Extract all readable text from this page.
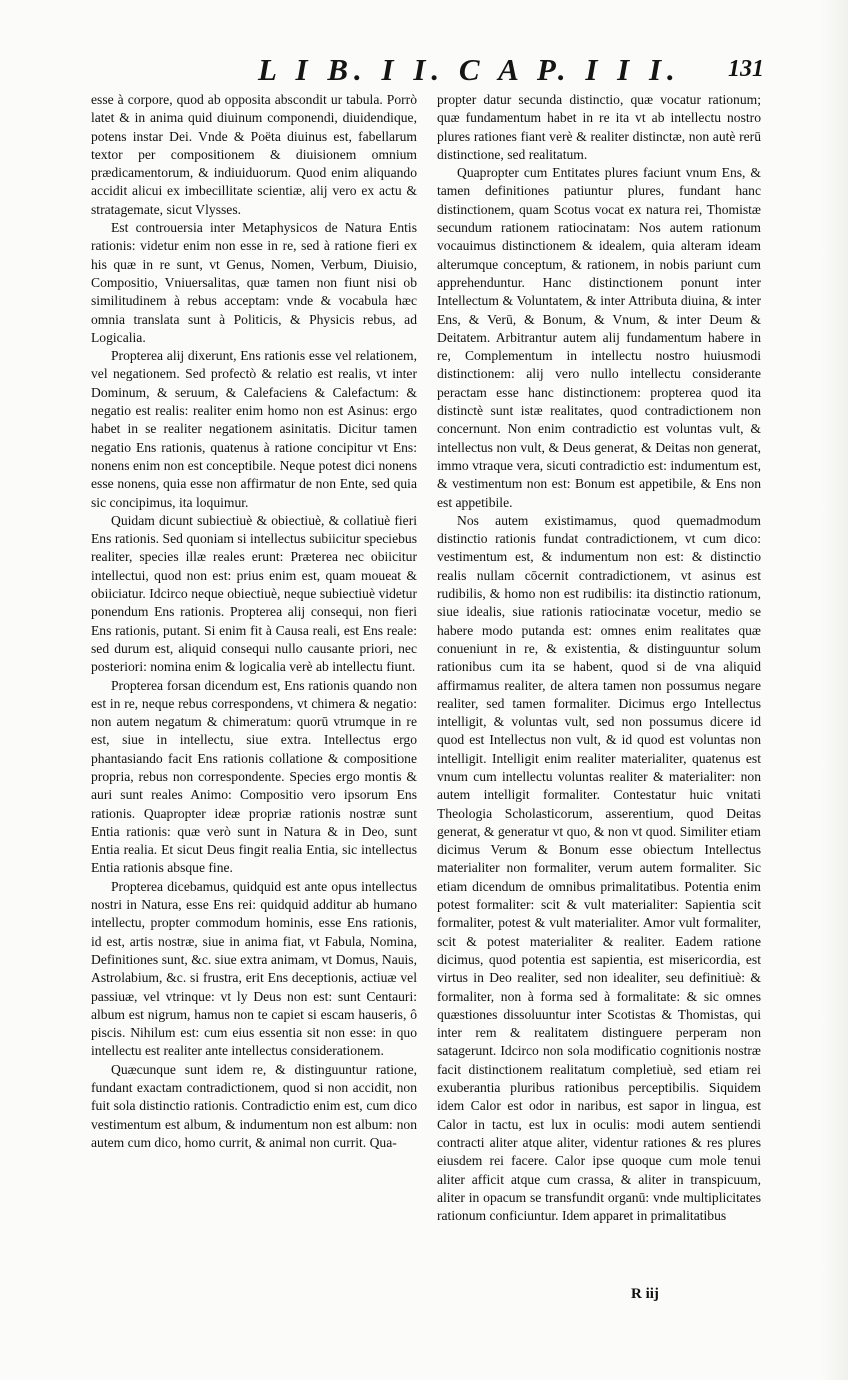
L I B. I I. C A P. I I I. 131

esse à corpore, quod ab opposita abscondit ur tabula. Porrò latet & in anima quid diuinum componendi, diuidendique, potens instar Dei. Vnde & Poëta diuinus est, fabellarum textor per compositionem & diuisionem omnium prædicamentorum, & indiuiduorum. Quod enim aliquando accidit alicui ex imbecillitate scientiæ, alij vero ex actu & stratagemate, sicut Vlysses.

Est controuersia inter Metaphysicos de Natura Entis rationis: videtur enim non esse in re, sed à ratione fieri ex his quæ in re sunt, vt Genus, Nomen, Verbum, Diuisio, Compositio, Vniuersalitas, quæ tamen non fiunt nisi ob similitudinem à rebus acceptam: vnde & vocabula hæc omnia translata sunt à Politicis, & Physicis rebus, ad Logicalia.

Propterea alij dixerunt, Ens rationis esse vel relationem, vel negationem. Sed profectò & relatio est realis, vt inter Dominum, & seruum, & Calefaciens & Calefactum: & negatio est realis: realiter enim homo non est Asinus: ergo habet in se realiter negationem asinitatis. Dicitur tamen negatio Ens rationis, quatenus à ratione concipitur vt Ens: nonens enim non est conceptibile. Neque potest dici nonens esse nonens, quia esse non affirmatur de non Ente, sed quia sic concipimus, ita loquimur.

Quidam dicunt subiectiuè & obiectiuè, & collatiuè fieri Ens rationis. Sed quoniam si intellectus subiicitur speciebus realiter, species illæ reales erunt: Præterea nec obiicitur intellectui, quod non est: prius enim est, quam moueat & obiiciatur. Idcirco neque obiectiuè, neque subiectiuè videtur ponendum Ens rationis. Propterea alij consequi, non fieri Ens rationis, putant. Si enim fit à Causa reali, est Ens reale: sed durum est, aliquid consequi nullo causante priori, nec posteriori: nomina enim & logicalia verè ab intellectu fiunt.

Propterea forsan dicendum est, Ens rationis quando non est in re, neque rebus correspondens, vt chimera & negatio: non autem negatum & chimeratum: quorū vtrumque in re est, siue in intellectu, siue extra. Intellectus ergo phantasiando facit Ens rationis collatione & compositione propria, rebus non correspondente. Species ergo montis & auri sunt reales Animo: Compositio vero ipsorum Ens rationis. Quapropter ideæ propriæ rationis nostræ sunt Entia rationis: quæ verò sunt in Natura & in Deo, sunt Entia realia. Et sicut Deus fingit realia Entia, sic intellectus Entia rationis absque fine.

Propterea dicebamus, quidquid est ante opus intellectus nostri in Natura, esse Ens rei: quidquid additur ab humano intellectu, propter commodum hominis, esse Ens rationis, id est, artis nostræ, siue in anima fiat, vt Fabula, Nomina, Definitiones sunt, &c. siue extra animam, vt Domus, Nauis, Astrolabium, &c. si frustra, erit Ens deceptionis, actiuæ vel passiuæ, vel vtrinque: vt ly Deus non est: sunt Centauri: album est nigrum, hamus non te capiet si escam hauseris, ô piscis. Nihilum est: cum eius essentia sit non esse: in quo intellectu est realiter ante intellectus considerationem.

Quæcunque sunt idem re, & distinguuntur ratione, fundant exactam contradictionem, quod si non accidit, non fuit sola distinctio rationis. Contradictio enim est, cum dico vestimentum est album, & indumentum non est album: non autem cum dico, homo currit, & animal non currit. Qua-

propter datur secunda distinctio, quæ vocatur rationum; quæ fundamentum habet in re ita vt ab intellectu nostro plures rationes fiant verè & realiter distinctæ, non autè rerū distinctione, sed realitatum.

Quapropter cum Entitates plures faciunt vnum Ens, & tamen definitiones patiuntur plures, fundant hanc distinctionem, quam Scotus vocat ex natura rei, Thomistæ secundum rationem ratiocinatam: Nos autem rationum vocauimus distinctionem & idealem, quia alteram ideam alterumque conceptum, & rationem, in nobis pariunt cum apprehenduntur. Hanc distinctionem ponunt inter Intellectum & Voluntatem, & inter Attributa diuina, & inter Ens, & Verū, & Bonum, & Vnum, & inter Deum & Deitatem. Arbitrantur autem alij fundamentum habere in re, Complementum in intellectu nostro huiusmodi distinctionem: alij vero nullo intellectu considerante peractam esse hanc distinctionem: propterea quod ita distinctè sunt istæ realitates, quod contradictionem non concernunt. Non enim contradictio est voluntas vult, & intellectus non vult, & Deus generat, & Deitas non generat, immo vtraque vera, sicuti contradictio est: indumentum est, & vestimentum non est: Bonum est appetibile, & Ens non est appetibile.

Nos autem existimamus, quod quemadmodum distinctio rationis fundat contradictionem, vt cum dico: vestimentum est, & indumentum non est: & distinctio realis nullam cōcernit contradictionem, vt asinus est rudibilis, & homo non est rudibilis: ita distinctio rationum, siue idealis, siue rationis ratiocinatæ vocetur, medio se habere modo putanda est: omnes enim realitates quæ conueniunt in re, & existentia, & distinguuntur solum rationibus cum ita se habent, quod si de vna aliquid affirmamus realiter, de altera tamen non possumus negare realiter, sed tamen formaliter. Dicimus ergo Intellectus intelligit, & voluntas vult, sed non possumus dicere id quod est Intellectus non vult, & id quod est voluntas non intelligit. Intelligit enim realiter materialiter, quatenus est vnum cum intellectu voluntas realiter & materialiter: non autem intelligit formaliter. Contestatur huic vnitati Theologia Scholasticorum, asserentium, quod Deitas generat, & generatur vt quo, & non vt quod. Similiter etiam dicimus Verum & Bonum esse obiectum Intellectus materialiter non formaliter, verum autem formaliter. Sic etiam dicendum de omnibus primalitatibus. Potentia enim potest formaliter: scit & vult materialiter: Sapientia scit formaliter, potest & vult materialiter. Amor vult formaliter, scit & potest materialiter & realiter. Eadem ratione dicimus, quod potentia est sapientia, est misericordia, est virtus in Deo realiter, sed non idealiter, seu definitiuè: & formaliter, non à forma sed à formalitate: & sic omnes quæstiones dissoluuntur inter Scotistas & Thomistas, qui inter rem & realitatem distinguere perperam non satagerunt. Idcirco non sola modificatio cognitionis nostræ facit distinctionem realitatum completiuè, sed etiam rei exuberantia pluribus rationibus perceptibilis. Siquidem idem Calor est odor in naribus, est sapor in lingua, est Calor in tactu, est lux in oculis: modi autem sentiendi contracti aliter atque aliter, videntur rationes & res plures eiusdem rei facere. Calor ipse quoque cum mole tenui aliter afficit atque cum crassa, & aliter in transpicuum, aliter in opacum se transfundit organū: vnde multiplicitates rationum conficiuntur. Idem apparet in primalitatibus

R iij
